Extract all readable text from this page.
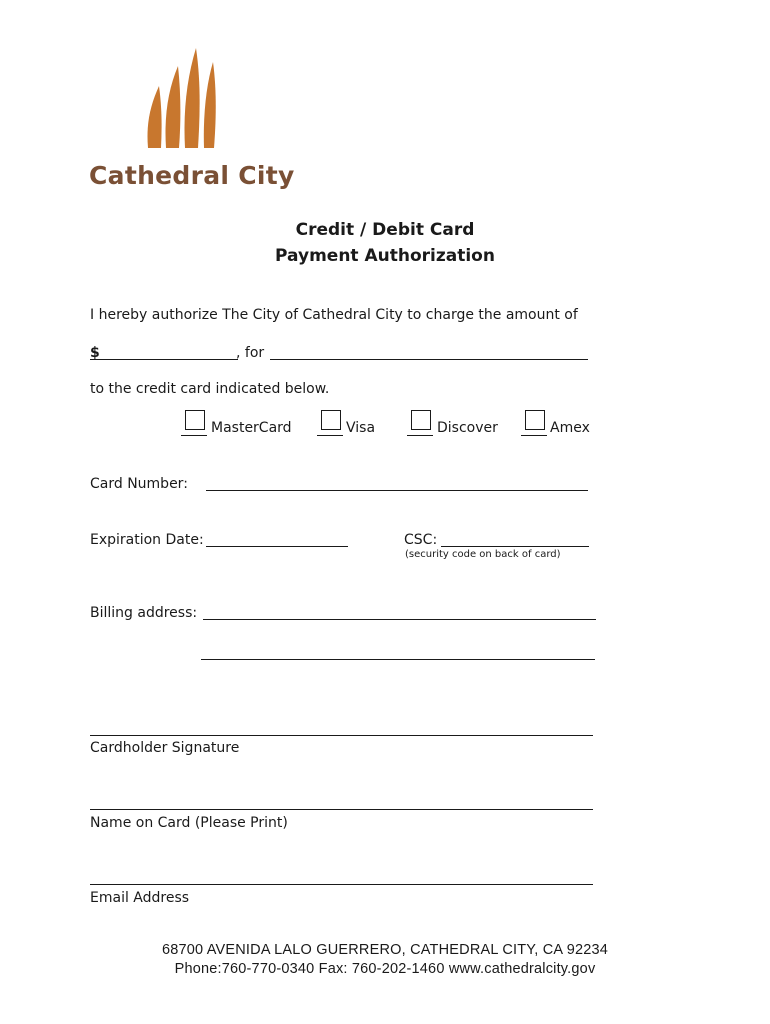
Cathedral City
Credit / Debit Card
Payment Authorization
I hereby authorize The City of Cathedral City to charge the amount of
$	, for
to the credit card indicated below.
MasterCard	Visa	Discover	Amex
Card Number:
Expiration Date:	CSC:
(security code on back of card)
Billing address:
Cardholder Signature
Name on Card (Please Print)
Email Address
68700 AVENIDA LALO GUERRERO, CATHEDRAL CITY, CA 92234
Phone:760-770-0340 Fax: 760-202-1460 www.cathedralcity.gov
